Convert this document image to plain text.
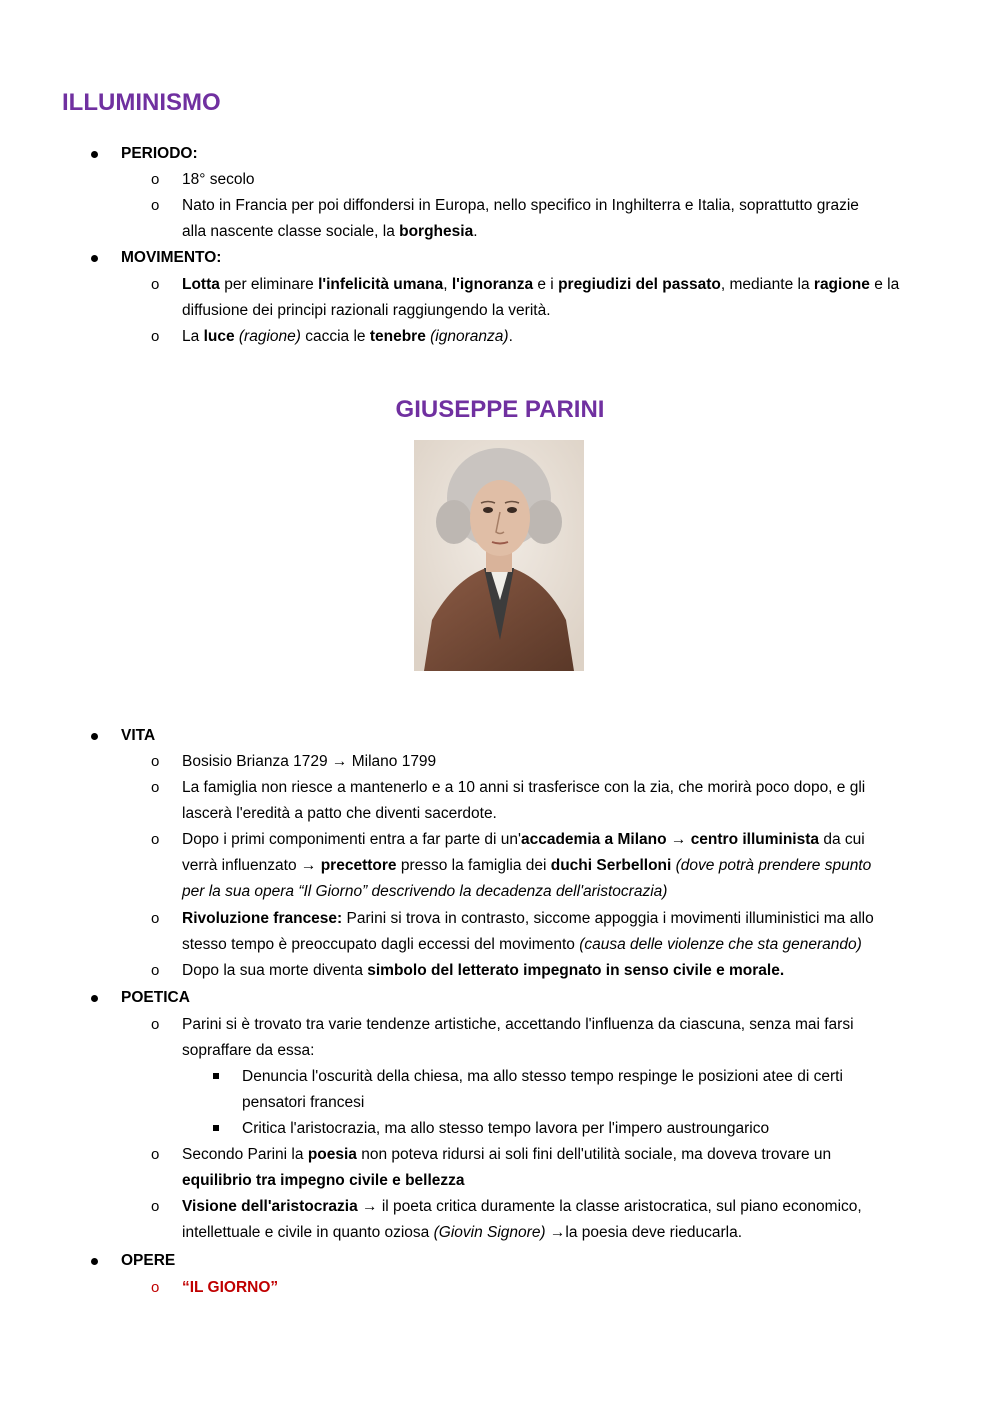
ILLUMINISMO
PERIODO:
o 18° secolo
o Nato in Francia per poi diffondersi in Europa, nello specifico in Inghilterra e Italia, soprattutto grazie
alla nascente classe sociale, la borghesia.
MOVIMENTO:
o Lotta per eliminare l'infelicità umana, l'ignoranza e i pregiudizi del passato, mediante la ragione e la
diffusione dei principi razionali raggiungendo la verità.
o La luce (ragione) caccia le tenebre (ignoranza).
GIUSEPPE PARINI
VITA
o Bosisio Brianza 1729 → Milano 1799
o La famiglia non riesce a mantenerlo e a 10 anni si trasferisce con la zia, che morirà poco dopo, e gli
lascerà l'eredità a patto che diventi sacerdote.
o Dopo i primi componimenti entra a far parte di un'accademia a Milano → centro illuminista da cui
verrà influenzato → precettore presso la famiglia dei duchi Serbelloni (dove potrà prendere spunto
per la sua opera “Il Giorno” descrivendo la decadenza dell'aristocrazia)
o Rivoluzione francese: Parini si trova in contrasto, siccome appoggia i movimenti illuministici ma allo
stesso tempo è preoccupato dagli eccessi del movimento (causa delle violenze che sta generando)
o Dopo la sua morte diventa simbolo del letterato impegnato in senso civile e morale.
POETICA
o Parini si è trovato tra varie tendenze artistiche, accettando l'influenza da ciascuna, senza mai farsi
sopraffare da essa:
Denuncia l'oscurità della chiesa, ma allo stesso tempo respinge le posizioni atee di certi
pensatori francesi
Critica l'aristocrazia, ma allo stesso tempo lavora per l'impero austroungarico
o Secondo Parini la poesia non poteva ridursi ai soli fini dell'utilità sociale, ma doveva trovare un
equilibrio tra impegno civile e bellezza
o Visione dell'aristocrazia → il poeta critica duramente la classe aristocratica, sul piano economico,
intellettuale e civile in quanto oziosa (Giovin Signore) →la poesia deve rieducarla.
OPERE
o “IL GIORNO”
